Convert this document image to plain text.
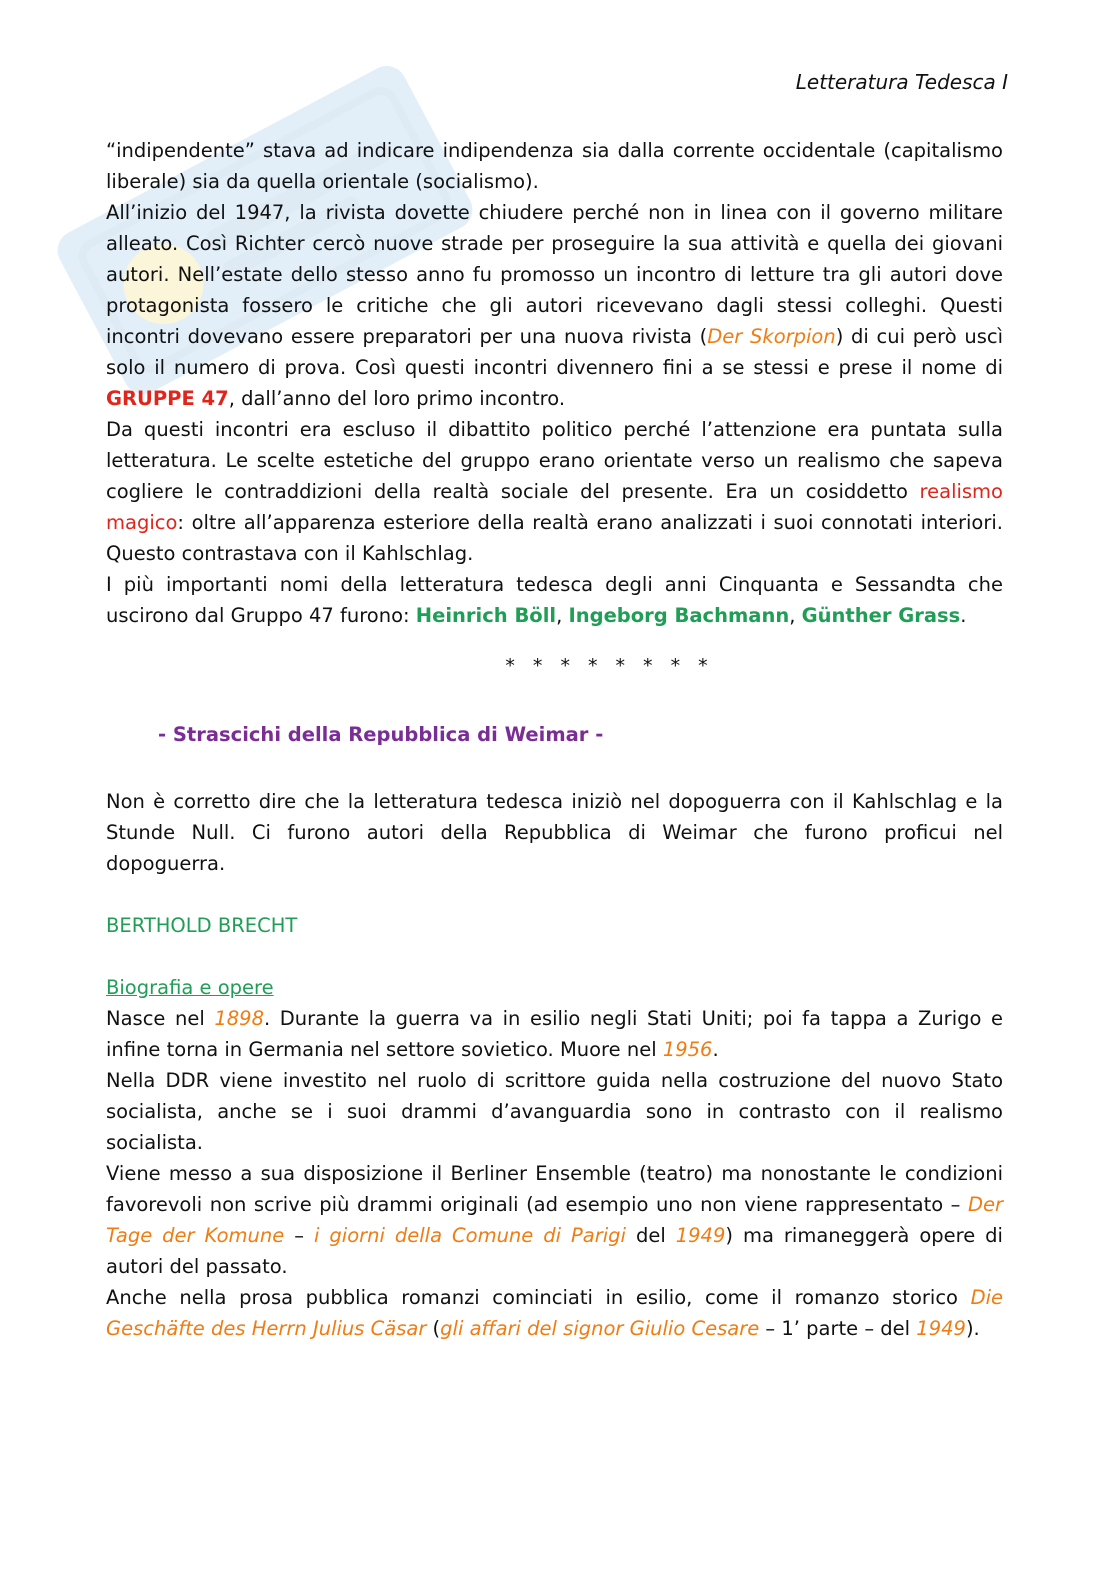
Letteratura Tedesca I

“indipendente” stava ad indicare indipendenza sia dalla corrente occidentale (capitalismo liberale) sia da quella orientale (socialismo).

All’inizio del 1947, la rivista dovette chiudere perché non in linea con il governo militare alleato. Così Richter cercò nuove strade per proseguire la sua attività e quella dei giovani autori. Nell’estate dello stesso anno fu promosso un incontro di letture tra gli autori dove protagonista fossero le critiche che gli autori ricevevano dagli stessi colleghi. Questi incontri dovevano essere preparatori per una nuova rivista (Der Skorpion) di cui però uscì solo il numero di prova. Così questi incontri divennero fini a se stessi e prese il nome di GRUPPE 47, dall’anno del loro primo incontro.

Da questi incontri era escluso il dibattito politico perché l’attenzione era puntata sulla letteratura. Le scelte estetiche del gruppo erano orientate verso un realismo che sapeva cogliere le contraddizioni della realtà sociale del presente. Era un cosiddetto realismo magico: oltre all’apparenza esteriore della realtà erano analizzati i suoi connotati interiori. Questo contrastava con il Kahlschlag.

I più importanti nomi della letteratura tedesca degli anni Cinquanta e Sessandta che uscirono dal Gruppo 47 furono: Heinrich Böll, Ingeborg Bachmann, Günther Grass.

* * * * * * * *
- Strascichi della Repubblica di Weimar -

Non è corretto dire che la letteratura tedesca iniziò nel dopoguerra con il Kahlschlag e la Stunde Null. Ci furono autori della Repubblica di Weimar che furono proficui nel dopoguerra.

BERTHOLD BRECHT

Biografia e opere

Nasce nel 1898. Durante la guerra va in esilio negli Stati Uniti; poi fa tappa a Zurigo e infine torna in Germania nel settore sovietico. Muore nel 1956.

Nella DDR viene investito nel ruolo di scrittore guida nella costruzione del nuovo Stato socialista, anche se i suoi drammi d’avanguardia sono in contrasto con il realismo socialista.

Viene messo a sua disposizione il Berliner Ensemble (teatro) ma nonostante le condizioni favorevoli non scrive più drammi originali (ad esempio uno non viene rappresentato – Der Tage der Komune – i giorni della Comune di Parigi del 1949) ma rimaneggerà opere di autori del passato.

Anche nella prosa pubblica romanzi cominciati in esilio, come il romanzo storico Die Geschäfte des Herrn Julius Cäsar (gli affari del signor Giulio Cesare – 1’ parte – del 1949).
